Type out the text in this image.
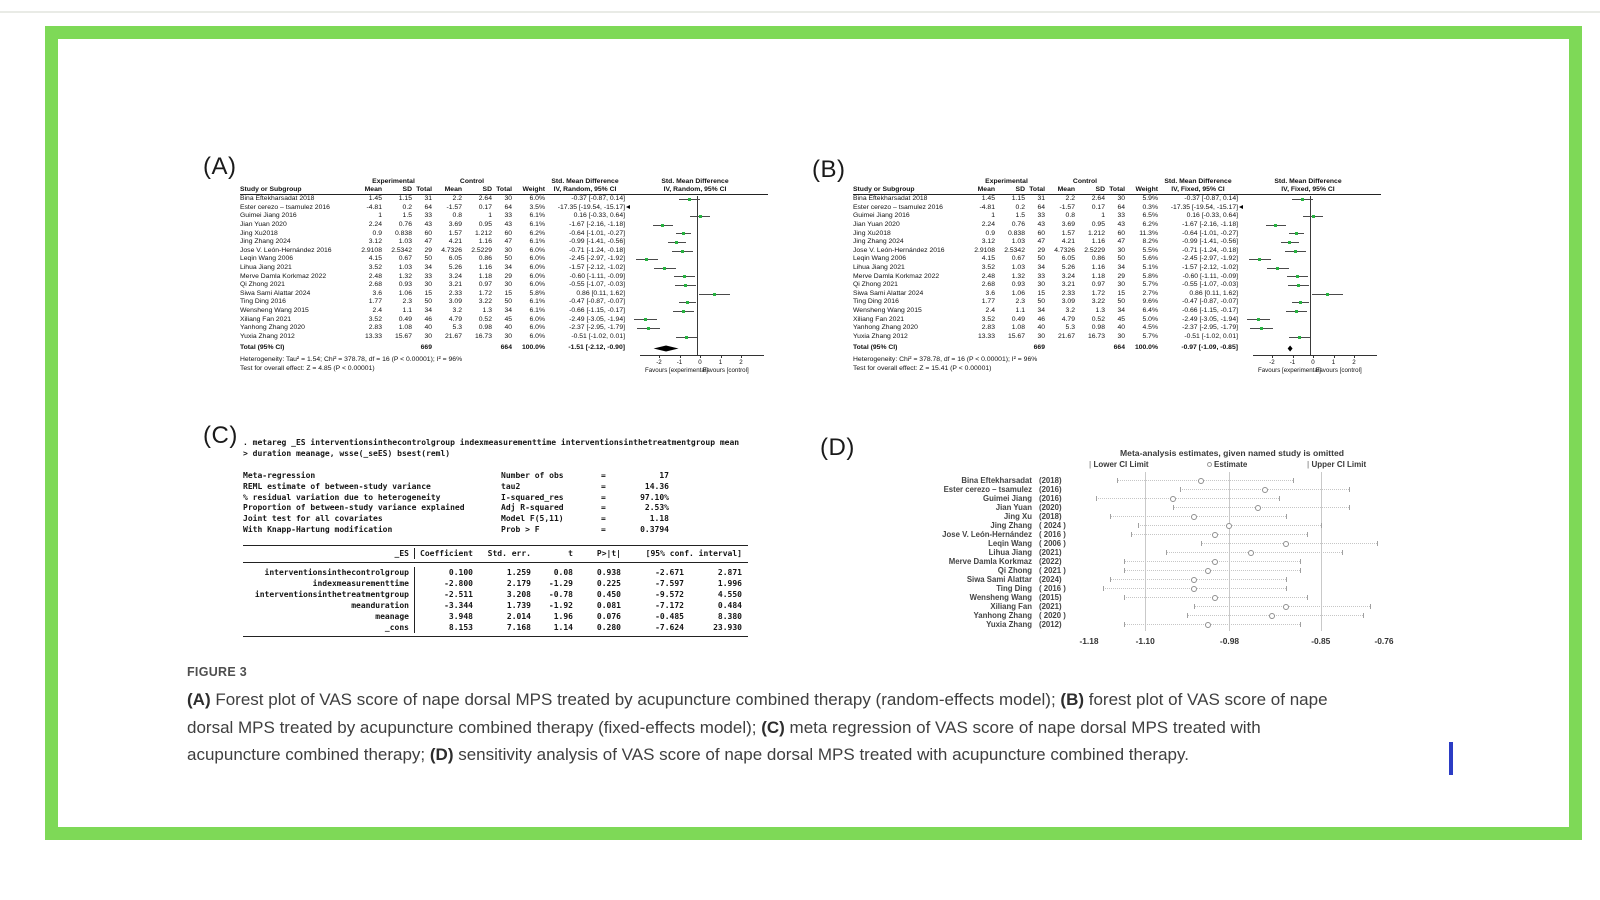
(A)	(B)
(C)	(D)
Experimental	Control	Std. Mean Difference	Std. Mean Difference
Study or Subgroup	Mean	SD Total	Mean	SD Total	Weight	IV, Random, 95% CI	IV, Random, 95% CI
Bina Eftekharsadat 2018	1.45	1.15	31	2.2	2.64	30	6.0%	-0.37 [-0.87, 0.14]
Ester cerezo – tsamulez 2016	-4.81	0.2	64	-1.57	0.17	64	3.5%	-17.35 [-19.54, -15.17]
Guimei Jiang 2016	1	1.5	33	0.8	1	33	6.1%	0.16 [-0.33, 0.64]
Jian Yuan 2020	2.24	0.76	43	3.69	0.95	43	6.1%	-1.67 [-2.16, -1.18]
Jing Xu2018	0.9	0.838	60	1.57	1.212	60	6.2%	-0.64 [-1.01, -0.27]
Jing Zhang 2024	3.12	1.03	47	4.21	1.16	47	6.1%	-0.99 [-1.41, -0.56]
Jose V. León-Hernández 2016	2.9108	2.5342	29	4.7326	2.5229	30	6.0%	-0.71 [-1.24, -0.18]
Leqin Wang 2006	4.15	0.67	50	6.05	0.86	50	6.0%	-2.45 [-2.97, -1.92]
Lihua Jiang 2021	3.52	1.03	34	5.26	1.16	34	6.0%	-1.57 [-2.12, -1.02]
Merve Damla Korkmaz 2022	2.48	1.32	33	3.24	1.18	29	6.0%	-0.60 [-1.11, -0.09]
Qi Zhong 2021	2.68	0.93	30	3.21	0.97	30	6.0%	-0.55 [-1.07, -0.03]
Siwa Sami Alattar 2024	3.6	1.06	15	2.33	1.72	15	5.8%	0.86 [0.11, 1.62]
Ting Ding 2016	1.77	2.3	50	3.09	3.22	50	6.1%	-0.47 [-0.87, -0.07]
Wensheng Wang 2015	2.4	1.1	34	3.2	1.3	34	6.1%	-0.66 [-1.15, -0.17]
Xiliang Fan 2021	3.52	0.49	46	4.79	0.52	45	6.0%	-2.49 [-3.05, -1.94]
Yanhong Zhang 2020	2.83	1.08	40	5.3	0.98	40	6.0%	-2.37 [-2.95, -1.79]
Yuxia Zhang 2012	13.33	15.67	30	21.67	16.73	30	6.0%	-0.51 [-1.02, 0.01]
Total (95% CI)	669	664	100.0%	-1.51 [-2.12, -0.90]
Heterogeneity: Tau² = 1.54; Chi² = 378.78, df = 16 (P < 0.00001); I² = 96%
Test for overall effect: Z = 4.85 (P < 0.00001)
-2 -1	0	1	2
Favours [experimental]
Favours [control]
Experimental	Control	Std. Mean Difference	Std. Mean Difference
Study or Subgroup	Mean	SD Total	Mean	SD Total	Weight	IV, Fixed, 95% CI	IV, Fixed, 95% CI
Bina Eftekharsadat 2018	1.45	1.15	31	2.2	2.64	30	5.9%	-0.37 [-0.87, 0.14]
Ester cerezo – tsamulez 2016	-4.81	0.2	64	-1.57	0.17	64	0.3%	-17.35 [-19.54, -15.17]
Guimei Jiang 2016	1	1.5	33	0.8	1	33	6.5%	0.16 [-0.33, 0.64]
Jian Yuan 2020	2.24	0.76	43	3.69	0.95	43	6.2%	-1.67 [-2.16, -1.18]
Jing Xu2018	0.9	0.838	60	1.57	1.212	60	11.3%	-0.64 [-1.01, -0.27]
Jing Zhang 2024	3.12	1.03	47	4.21	1.16	47	8.2%	-0.99 [-1.41, -0.56]
Jose V. León-Hernández 2016	2.9108	2.5342	29	4.7326	2.5229	30	5.5%	-0.71 [-1.24, -0.18]
Leqin Wang 2006	4.15	0.67	50	6.05	0.86	50	5.6%	-2.45 [-2.97, -1.92]
Lihua Jiang 2021	3.52	1.03	34	5.26	1.16	34	5.1%	-1.57 [-2.12, -1.02]
Merve Damla Korkmaz 2022	2.48	1.32	33	3.24	1.18	29	5.8%	-0.60 [-1.11, -0.09]
Qi Zhong 2021	2.68	0.93	30	3.21	0.97	30	5.7%	-0.55 [-1.07, -0.03]
Siwa Sami Alattar 2024	3.6	1.06	15	2.33	1.72	15	2.7%	0.86 [0.11, 1.62]
Ting Ding 2016	1.77	2.3	50	3.09	3.22	50	9.6%	-0.47 [-0.87, -0.07]
Wensheng Wang 2015	2.4	1.1	34	3.2	1.3	34	6.4%	-0.66 [-1.15, -0.17]
Xiliang Fan 2021	3.52	0.49	46	4.79	0.52	45	5.0%	-2.49 [-3.05, -1.94]
Yanhong Zhang 2020	2.83	1.08	40	5.3	0.98	40	4.5%	-2.37 [-2.95, -1.79]
Yuxia Zhang 2012	13.33	15.67	30	21.67	16.73	30	5.7%	-0.51 [-1.02, 0.01]
Total (95% CI)	669	664	100.0%	-0.97 [-1.09, -0.85]
Heterogeneity: Chi² = 378.78, df = 16 (P < 0.00001); I² = 96%
Test for overall effect: Z = 15.41 (P < 0.00001)
-2 -1	0	1	2
Favours [experimental]
Favours [control]
. metareg _ES interventionsinthecontrolgroup indexmeasurementtime interventionsinthetreatmentgroup mean
> duration meanage, wsse(_seES) bsest(reml)
Meta-regression	Number of obs	=	17
REML estimate of between-study variance	tau2	=	14.36
% residual variation due to heterogeneity	I-squared_res	=	97.10%
Proportion of between-study variance explained	Adj R-squared	=	2.53%
Joint test for all covariates	Model F(5,11)	=	1.18
With Knapp-Hartung modification	Prob > F	=	0.3794
_ES	Coefficient	Std. err.	t	P>|t|	[95% conf. interval]
interventionsinthecontrolgroup	0.100	1.259	0.08	0.938	-2.671	2.871
indexmeasurementtime	-2.800	2.179	-1.29	0.225	-7.597	1.996
interventionsinthetreatmentgroup	-2.511	3.208	-0.78	0.450	-9.572	4.550
meanduration	-3.344	1.739	-1.92	0.081	-7.172	0.484
meanage	3.948	2.014	1.96	0.076	-0.485	8.380
_cons	8.153	7.168	1.14	0.280	-7.624	23.930
Meta-analysis estimates, given named study is omitted
| Lower CI Limit	Estimate	| Upper CI Limit
Bina Eftekharsadat (2018)
Ester cerezo – tsamulez (2016)
Guimei Jiang (2016)
Jian Yuan (2020)
Jing Xu (2018)
Jing Zhang ( 2024 )
Jose V. León-Hernández ( 2016 )
Leqin Wang ( 2006 )
Lihua Jiang (2021)
Merve Damla Korkmaz (2022)
Qi Zhong ( 2021 )
Siwa Sami Alattar (2024)
Ting Ding ( 2016 )
Wensheng Wang (2015)
Xiliang Fan (2021)
Yanhong Zhang ( 2020 )
Yuxia Zhang (2012)
-1.18	-1.10	-0.98	-0.85	-0.76
FIGURE 3
(A) Forest plot of VAS score of nape dorsal MPS treated by acupuncture combined therapy (random-effects model); (B) forest plot of VAS score of nape
dorsal MPS treated by acupuncture combined therapy (fixed-effects model); (C) meta regression of VAS score of nape dorsal MPS treated with
acupuncture combined therapy; (D) sensitivity analysis of VAS score of nape dorsal MPS treated with acupuncture combined therapy.
